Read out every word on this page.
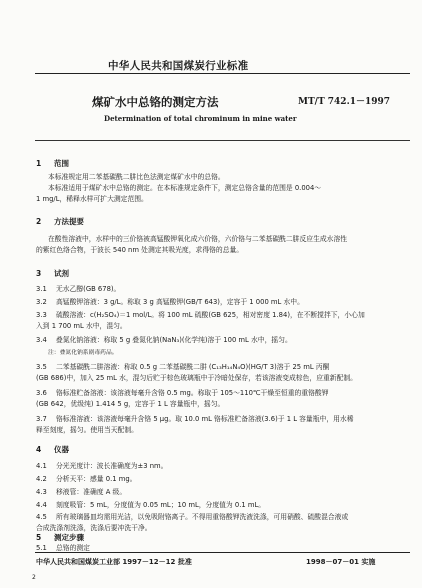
中华人民共和国煤炭行业标准
煤矿水中总铬的测定方法	MT/T 742.1－1997
Determination of total chrominum in mine water
1 范围

本标准规定用二苯基碳酰二肼比色法测定煤矿水中的总铬。

本标准适用于煤矿水中总铬的测定。在本标准规定条件下，测定总铬含量的范围是 0.004～

1 mg/L，稀释水样可扩大测定范围。

2 方法提要

在酸性溶液中，水样中的三价铬被高锰酸钾氧化成六价铬，六价铬与二苯基碳酰二肼反应生成水溶性

的紫红色络合物，于波长 540 nm 处测定其吸光度，求得铬的总量。

3 试剂
3.1 无水乙醇(GB 678)。
3.2 高锰酸钾溶液：3 g/L。称取 3 g 高锰酸钾(GB/T 643)，定容于 1 000 mL 水中。
3.3 硫酸溶液：c(H₂SO₄)＝1 mol/L。将 100 mL 硫酸(GB 625，相对密度 1.84)，在不断搅拌下，小心加
入到 1 700 mL 水中，混匀。
3.4 叠氮化钠溶液：称取 5 g 叠氮化钠(NaN₃)(化学纯)溶于 100 mL 水中，摇匀。
注：叠氮化钠系剧毒药品。
3.5 二苯基碳酰二肼溶液：称取 0.5 g 二苯基碳酰二肼 (C₁₃H₁₄N₄O)(HG/T 3)溶于 25 mL 丙酮
(GB 686)中，加入 25 mL 水，混匀后贮于棕色玻璃瓶中于冷暗处保存，若该溶液变成棕色，应重新配制。
3.6 铬标准贮备溶液：该溶液每毫升含铬 0.5 mg。称取于 105～110℃干燥至恒重的重铬酸钾
(GB 642，优级纯) 1.414 5 g，定容于 1 L 容量瓶中，摇匀。
3.7 铬标准溶液：该溶液每毫升含铬 5 μg。取 10.0 mL 铬标准贮备溶液(3.6)于 1 L 容量瓶中，用水稀
释至刻度，摇匀。使用当天配制。
4 仪器
4.1 分光光度计：波长准确度为±3 nm。
4.2 分析天平：感量 0.1 mg。
4.3 移液管：准确度 A 级。
4.4 刻度吸管：5 mL，分度值为 0.05 mL；10 mL，分度值为 0.1 mL。
4.5 所有玻璃器皿均需用光洁，以免吸附铬离子。不得用重铬酸钾洗液洗涤，可用硝酸、硫酸混合液或
合成洗涤剂洗涤，洗涤后要冲洗干净。
5 测定步骤
5.1 总铬的测定
中华人民共和国煤炭工业部 1997－12－12 批准	1998－07－01 实施
2
